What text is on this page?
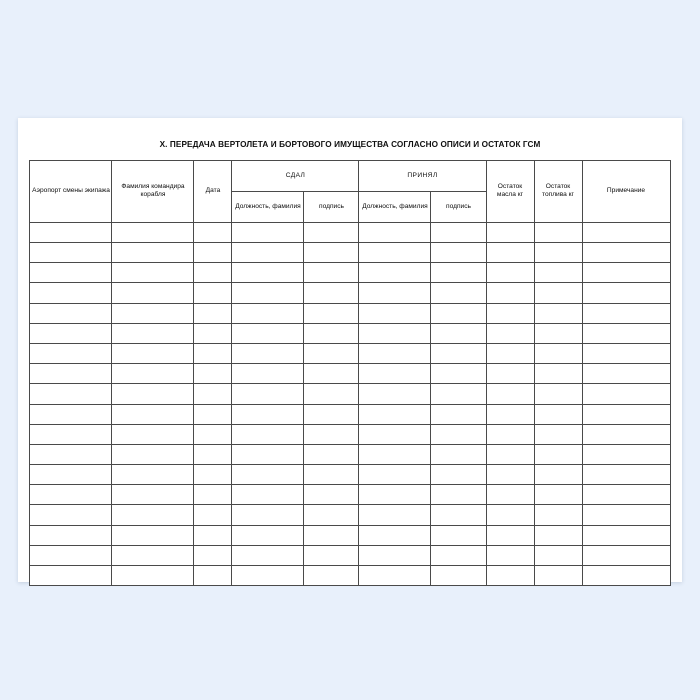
X. ПЕРЕДАЧА ВЕРТОЛЕТА И БОРТОВОГО ИМУЩЕСТВА СОГЛАСНО ОПИСИ И ОСТАТОК ГСМ
Аэропорт смены экипажа	Фамилия командира корабля	Дата	СДАЛ		ПРИНЯЛ		Остаток масла кг	Остаток топлива кг	Примечание
			Должность, фамилия	подпись	Должность, фамилия	подпись			
